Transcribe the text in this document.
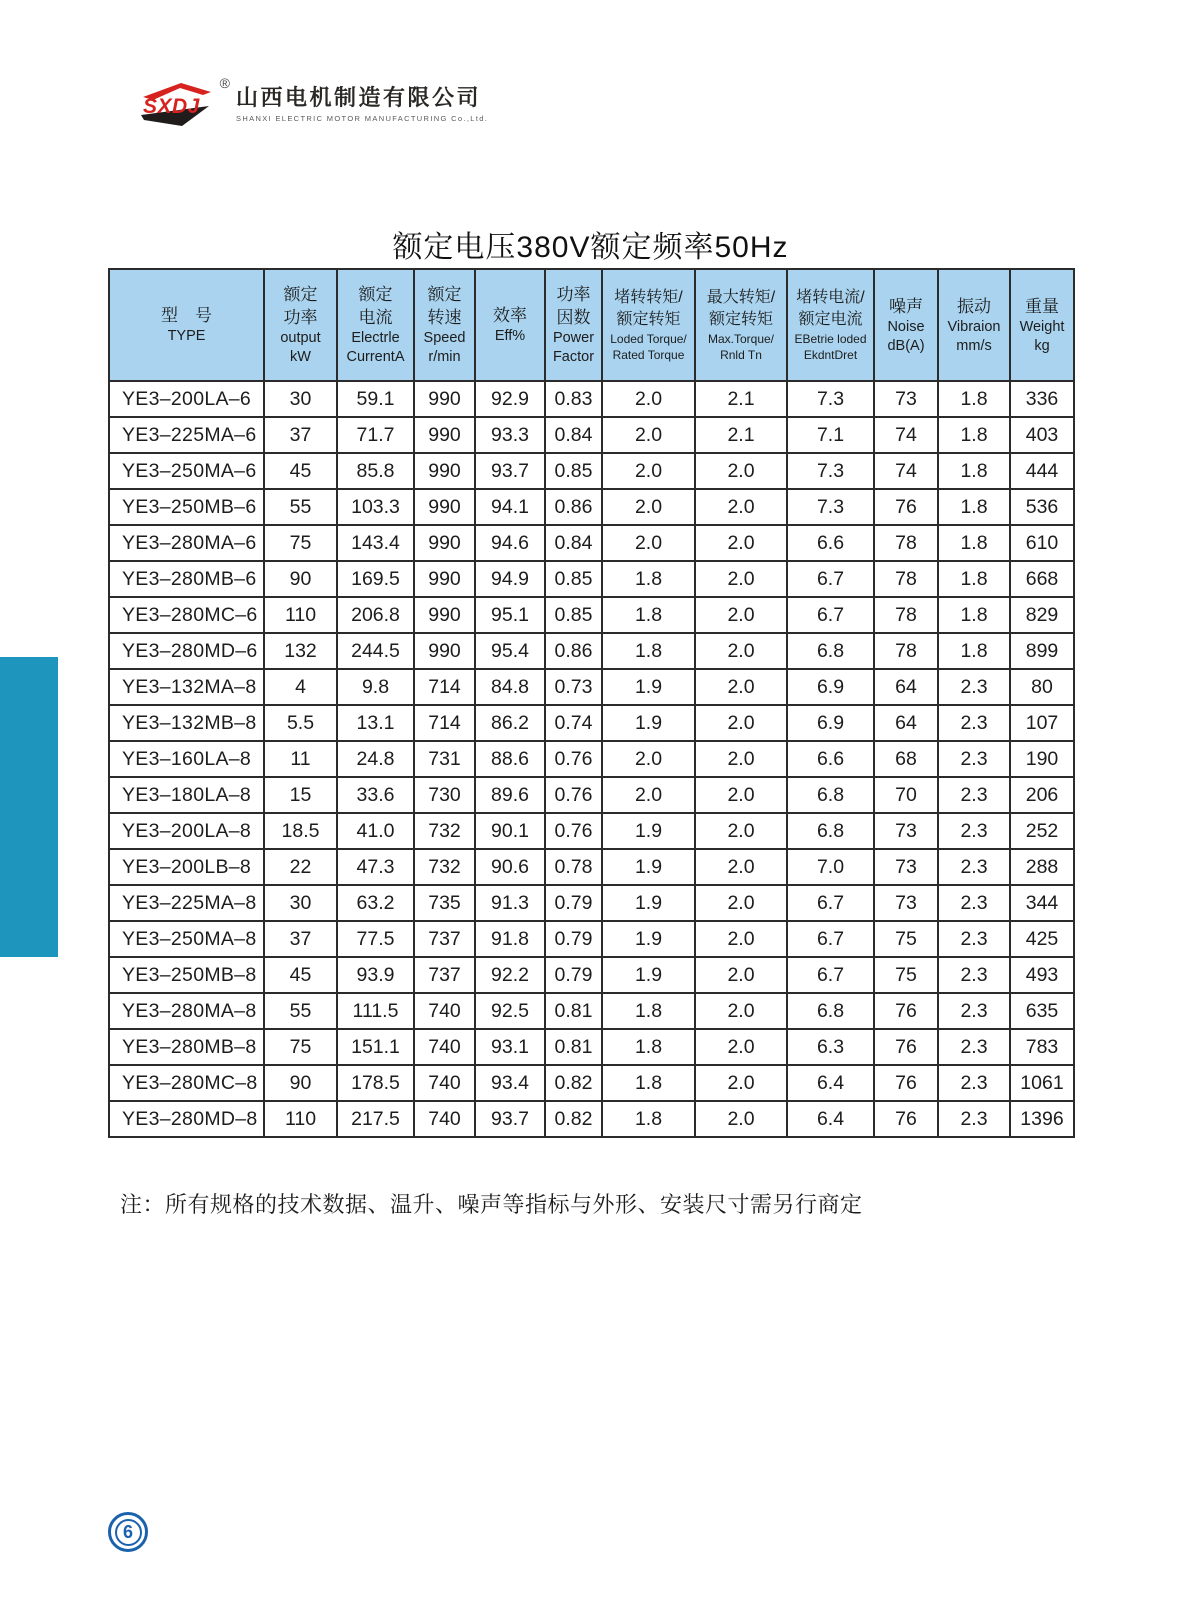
SXDJ
®
山西电机制造有限公司
SHANXI ELECTRIC MOTOR MANUFACTURING Co.,Ltd.
额定电压380V额定频率50Hz
型　号
TYPE

额定
功率
output
kW

额定
电流
Electrle
CurrentA

额定
转速
Speed
r/min

效率
Eff%

功率
因数
Power
Factor

堵转转矩/
额定转矩
Loded Torque/
Rated Torque

最大转矩/
额定转矩
Max.Torque/
Rnld Tn

堵转电流/
额定电流
EBetrie loded
EkdntDret

噪声
Noise
dB(A)

振动
Vibraion
mm/s

重量
Weight
kg

YE3–200LA–6	30	59.1	990	92.9	0.83	2.0	2.1	7.3	73	1.8	336
YE3–225MA–6	37	71.7	990	93.3	0.84	2.0	2.1	7.1	74	1.8	403
YE3–250MA–6	45	85.8	990	93.7	0.85	2.0	2.0	7.3	74	1.8	444
YE3–250MB–6	55	103.3	990	94.1	0.86	2.0	2.0	7.3	76	1.8	536
YE3–280MA–6	75	143.4	990	94.6	0.84	2.0	2.0	6.6	78	1.8	610
YE3–280MB–6	90	169.5	990	94.9	0.85	1.8	2.0	6.7	78	1.8	668
YE3–280MC–6	110	206.8	990	95.1	0.85	1.8	2.0	6.7	78	1.8	829
YE3–280MD–6	132	244.5	990	95.4	0.86	1.8	2.0	6.8	78	1.8	899
YE3–132MA–8	4	9.8	714	84.8	0.73	1.9	2.0	6.9	64	2.3	80
YE3–132MB–8	5.5	13.1	714	86.2	0.74	1.9	2.0	6.9	64	2.3	107
YE3–160LA–8	11	24.8	731	88.6	0.76	2.0	2.0	6.6	68	2.3	190
YE3–180LA–8	15	33.6	730	89.6	0.76	2.0	2.0	6.8	70	2.3	206
YE3–200LA–8	18.5	41.0	732	90.1	0.76	1.9	2.0	6.8	73	2.3	252
YE3–200LB–8	22	47.3	732	90.6	0.78	1.9	2.0	7.0	73	2.3	288
YE3–225MA–8	30	63.2	735	91.3	0.79	1.9	2.0	6.7	73	2.3	344
YE3–250MA–8	37	77.5	737	91.8	0.79	1.9	2.0	6.7	75	2.3	425
YE3–250MB–8	45	93.9	737	92.2	0.79	1.9	2.0	6.7	75	2.3	493
YE3–280MA–8	55	111.5	740	92.5	0.81	1.8	2.0	6.8	76	2.3	635
YE3–280MB–8	75	151.1	740	93.1	0.81	1.8	2.0	6.3	76	2.3	783
YE3–280MC–8	90	178.5	740	93.4	0.82	1.8	2.0	6.4	76	2.3	1061
YE3–280MD–8	110	217.5	740	93.7	0.82	1.8	2.0	6.4	76	2.3	1396

注：所有规格的技术数据、温升、噪声等指标与外形、安装尺寸需另行商定

6
